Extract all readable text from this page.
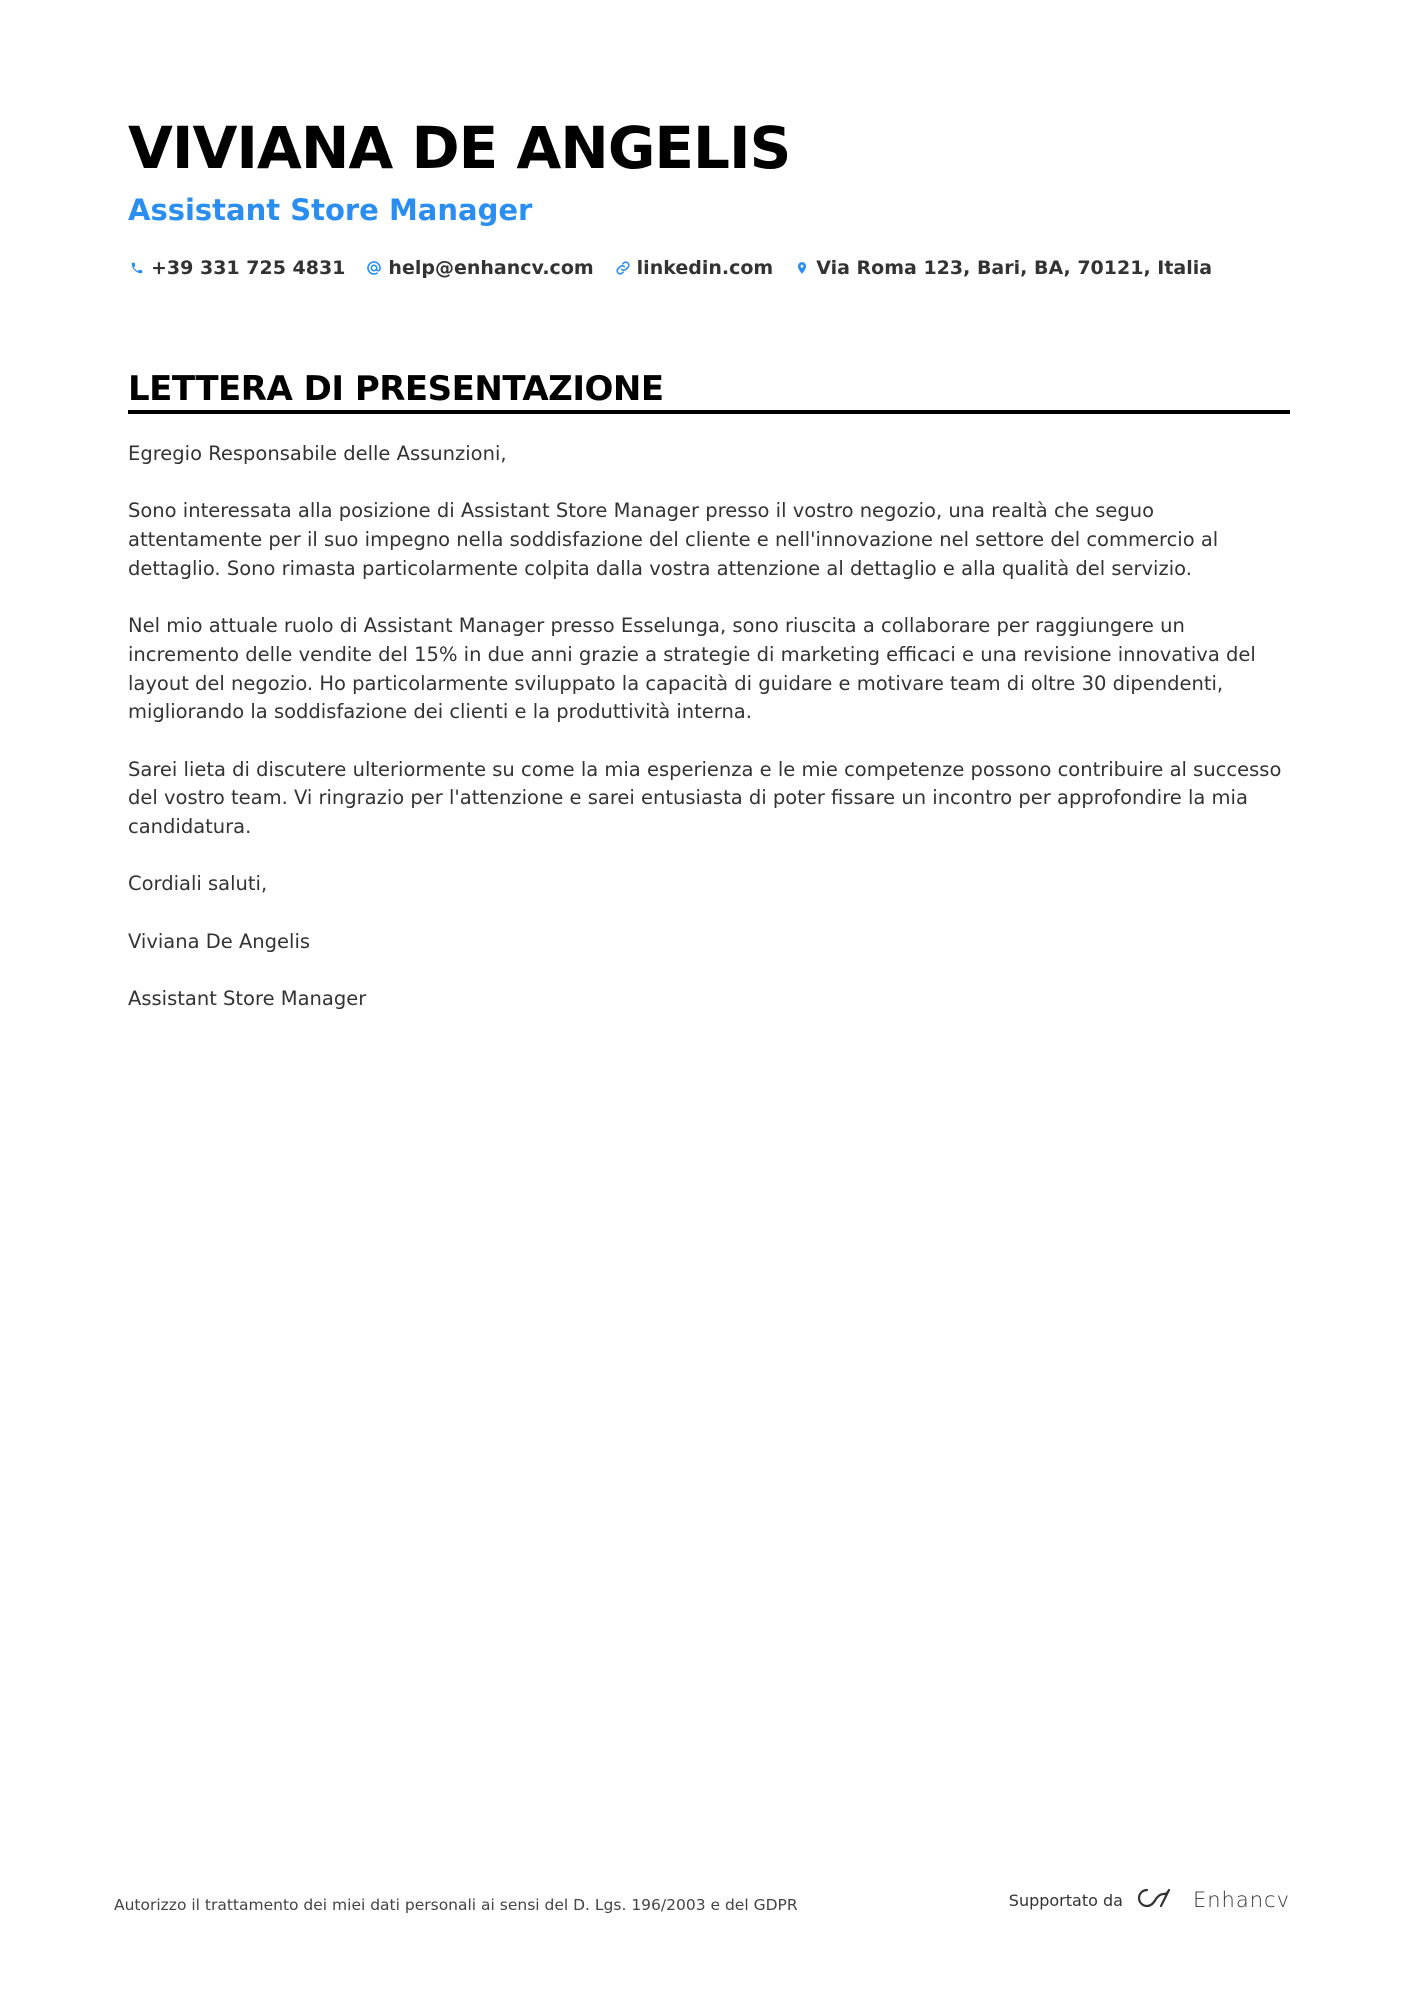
VIVIANA DE ANGELIS
Assistant Store Manager
+39 331 725 4831 help@enhancv.com linkedin.com Via Roma 123, Bari, BA, 70121, Italia
LETTERA DI PRESENTAZIONE

Egregio Responsabile delle Assunzioni,

Sono interessata alla posizione di Assistant Store Manager presso il vostro negozio, una realtà che seguo attentamente per il suo impegno nella soddisfazione del cliente e nell'innovazione nel settore del commercio al dettaglio. Sono rimasta particolarmente colpita dalla vostra attenzione al dettaglio e alla qualità del servizio.

Nel mio attuale ruolo di Assistant Manager presso Esselunga, sono riuscita a collaborare per raggiungere un incremento delle vendite del 15% in due anni grazie a strategie di marketing efficaci e una revisione innovativa del layout del negozio. Ho particolarmente sviluppato la capacità di guidare e motivare team di oltre 30 dipendenti, migliorando la soddisfazione dei clienti e la produttività interna.

Sarei lieta di discutere ulteriormente su come la mia esperienza e le mie competenze possono contribuire al successo del vostro team. Vi ringrazio per l'attenzione e sarei entusiasta di poter fissare un incontro per approfondire la mia candidatura.

Cordiali saluti,

Viviana De Angelis

Assistant Store Manager

Autorizzo il trattamento dei miei dati personali ai sensi del D. Lgs. 196/2003 e del GDPR	Supportato da	Enhancv
